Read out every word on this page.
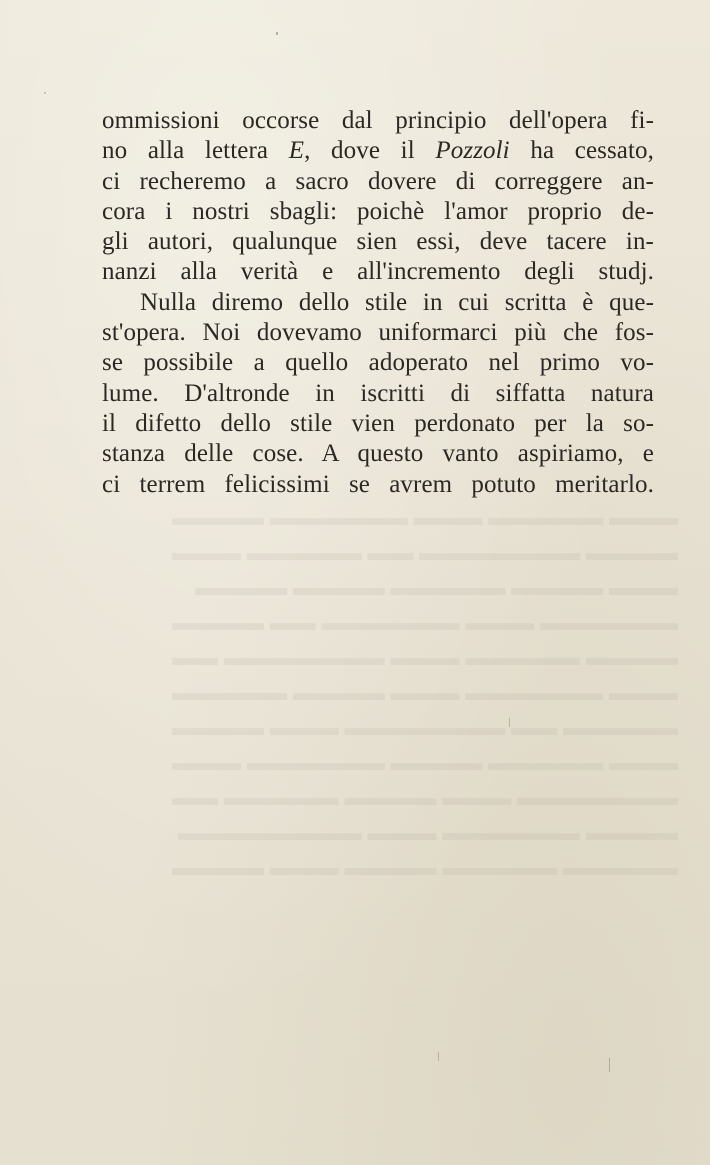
▬▬▬ ▬▬▬▬▬ ▬▬▬ ▬▬▬▬▬▬ ▬▬▬▬
▬▬▬▬ ▬▬▬▬▬▬▬ ▬▬ ▬▬▬▬▬ ▬▬▬
▬▬▬ ▬▬▬▬ ▬▬▬▬▬ ▬▬▬▬ ▬▬▬▬
▬▬▬▬▬▬ ▬▬▬ ▬▬▬▬▬▬ ▬▬ ▬▬▬▬
▬▬▬▬ ▬▬▬▬▬ ▬▬▬ ▬▬▬▬▬▬▬ ▬▬
▬▬▬ ▬▬▬▬▬▬ ▬▬▬ ▬▬▬▬ ▬▬▬▬▬
▬▬▬▬▬ ▬▬ ▬▬▬▬▬▬▬ ▬▬▬ ▬▬▬▬
▬▬▬ ▬▬▬▬▬ ▬▬▬▬ ▬▬▬▬▬▬ ▬▬▬
▬▬▬▬▬▬▬ ▬▬▬ ▬▬▬▬ ▬▬▬▬▬ ▬▬
▬▬▬▬ ▬▬▬▬▬▬ ▬▬▬ ▬▬▬▬▬▬▬▬
▬▬▬▬▬ ▬▬▬▬▬ ▬▬▬▬ ▬▬▬ ▬▬▬▬
ommissioni occorse dal principio dell'opera fi-
no alla lettera E, dove il Pozzoli ha cessato,
ci recheremo a sacro dovere di correggere an-
cora i nostri sbagli: poichè l'amor proprio de-
gli autori, qualunque sien essi, deve tacere in-
nanzi alla verità e all'incremento degli studj.
Nulla diremo dello stile in cui scritta è que-
st'opera. Noi dovevamo uniformarci più che fos-
se possibile a quello adoperato nel primo vo-
lume. D'altronde in iscritti di siffatta natura
il difetto dello stile vien perdonato per la so-
stanza delle cose. A questo vanto aspiriamo, e
ci terrem felicissimi se avrem potuto meritarlo.
